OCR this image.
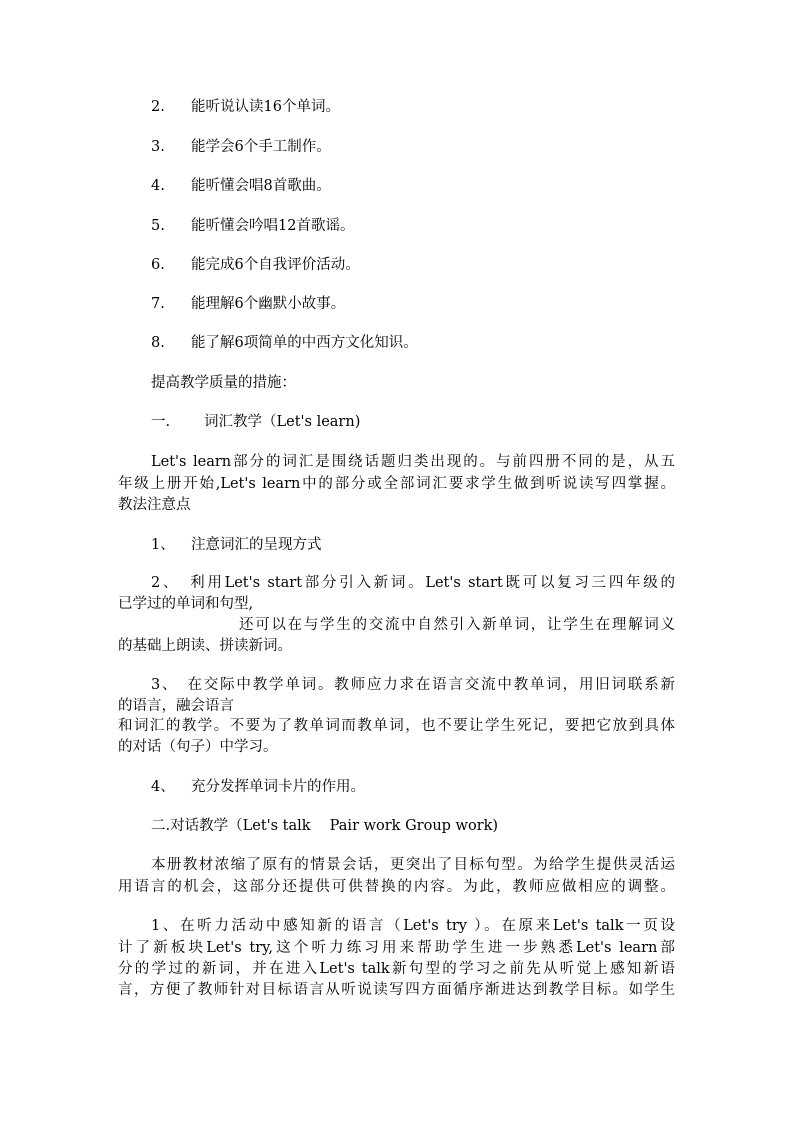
2. 能听说认读16个单词。
3. 能学会6个手工制作。
4. 能听懂会唱8首歌曲。
5. 能听懂会吟唱12首歌谣。
6. 能完成6个自我评价活动。
7. 能理解6个幽默小故事。
8. 能了解6项简单的中西方文化知识。
提高教学质量的措施：
一. 词汇教学（Let's learn)
Let's learn部分的词汇是围绕话题归类出现的。与前四册不同的是，从五
年级上册开始,Let's learn中的部分或全部词汇要求学生做到听说读写四掌握。
教法注意点
1、 注意词汇的呈现方式
2、　 利用Let's start部分引入新词。Let's start既可以复习三四年级的
已学过的单词和句型,
还可以在与学生的交流中自然引入新单词，让学生在理解词义
的基础上朗读、拼读新词。
3、　 在交际中教学单词。教师应力求在语言交流中教单词，用旧词联系新
的语言，融会语言
和词汇的教学。不要为了教单词而教单词，也不要让学生死记，要把它放到具体
的对话（句子）中学习。
4、 充分发挥单词卡片的作用。
二.对话教学（Let's talk　 Pair work Group work)
本册教材浓缩了原有的情景会话，更突出了目标句型。为给学生提供灵活运
用语言的机会，这部分还提供可供替换的内容。为此，教师应做相应的调整。
1、在听力活动中感知新的语言（Let's try ）。在原来Let's talk一页设
计了新板块Let's try,这个听力练习用来帮助学生进一步熟悉Let's learn部
分的学过的新词，并在进入Let's talk新句型的学习之前先从听觉上感知新语
言，方便了教师针对目标语言从听说读写四方面循序渐进达到教学目标。如学生
